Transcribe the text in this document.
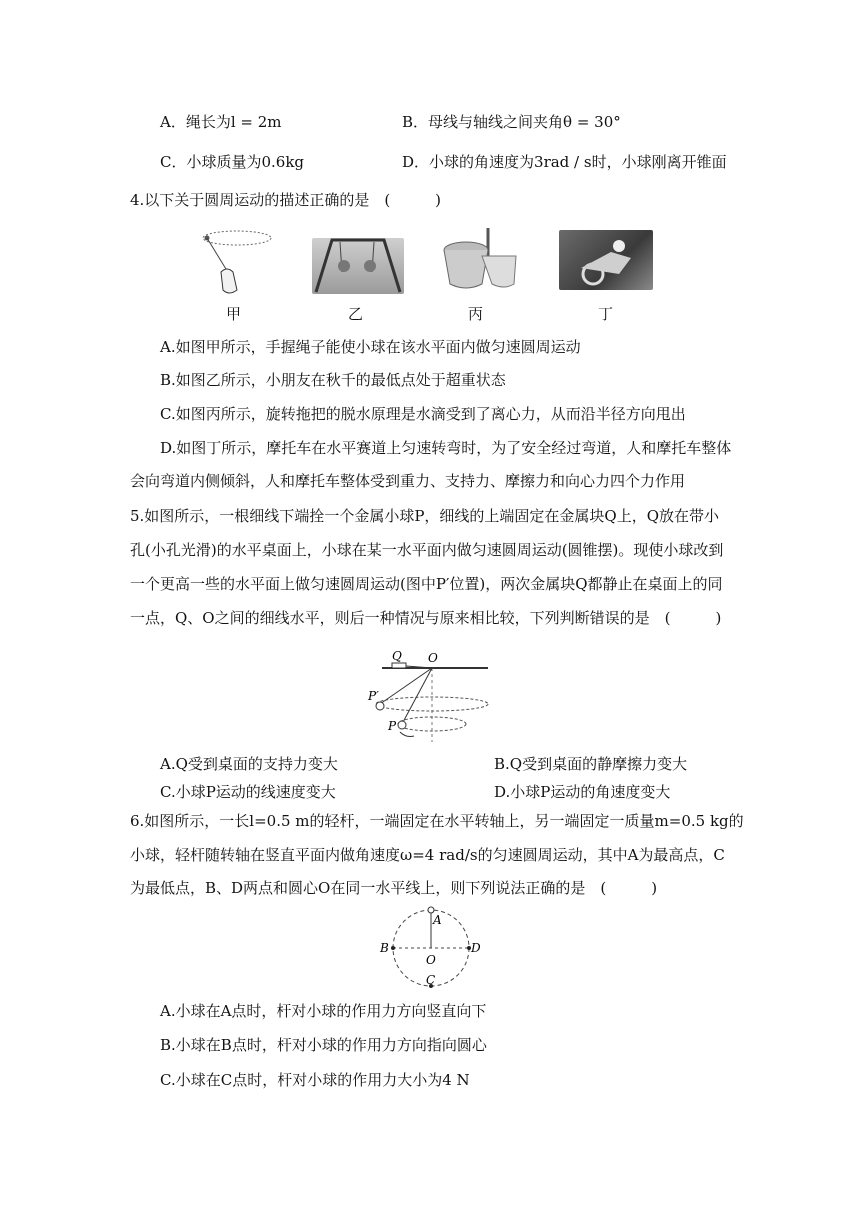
A．绳长为l = 2m	B．母线与轴线之间夹角θ = 30°
C．小球质量为0.6kg	D．小球的角速度为3rad / s时，小球刚离开锥面
4.以下关于圆周运动的描述正确的是　(　　　)
甲	乙	丙	丁
A.如图甲所示，手握绳子能使小球在该水平面内做匀速圆周运动
B.如图乙所示，小朋友在秋千的最低点处于超重状态
C.如图丙所示，旋转拖把的脱水原理是水滴受到了离心力，从而沿半径方向甩出
D.如图丁所示，摩托车在水平赛道上匀速转弯时，为了安全经过弯道，人和摩托车整体
会向弯道内侧倾斜，人和摩托车整体受到重力、支持力、摩擦力和向心力四个力作用
5.如图所示，一根细线下端拴一个金属小球P，细线的上端固定在金属块Q上，Q放在带小
孔(小孔光滑)的水平桌面上，小球在某一水平面内做匀速圆周运动(圆锥摆)。现使小球改到
一个更高一些的水平面上做匀速圆周运动(图中P′位置)，两次金属块Q都静止在桌面上的同
一点，Q、O之间的细线水平，则后一种情况与原来相比较，下列判断错误的是　(　　　)
Q O
P′
P
A.Q受到桌面的支持力变大	B.Q受到桌面的静摩擦力变大
C.小球P运动的线速度变大	D.小球P运动的角速度变大
6.如图所示，一长l=0.5 m的轻杆，一端固定在水平转轴上，另一端固定一质量m=0.5 kg的
小球，轻杆随转轴在竖直平面内做角速度ω=4 rad/s的匀速圆周运动，其中A为最高点，C
为最低点，B、D两点和圆心O在同一水平线上，则下列说法正确的是　(　　　)
A
B	D
O
C
A.小球在A点时，杆对小球的作用力方向竖直向下
B.小球在B点时，杆对小球的作用力方向指向圆心
C.小球在C点时，杆对小球的作用力大小为4 N
